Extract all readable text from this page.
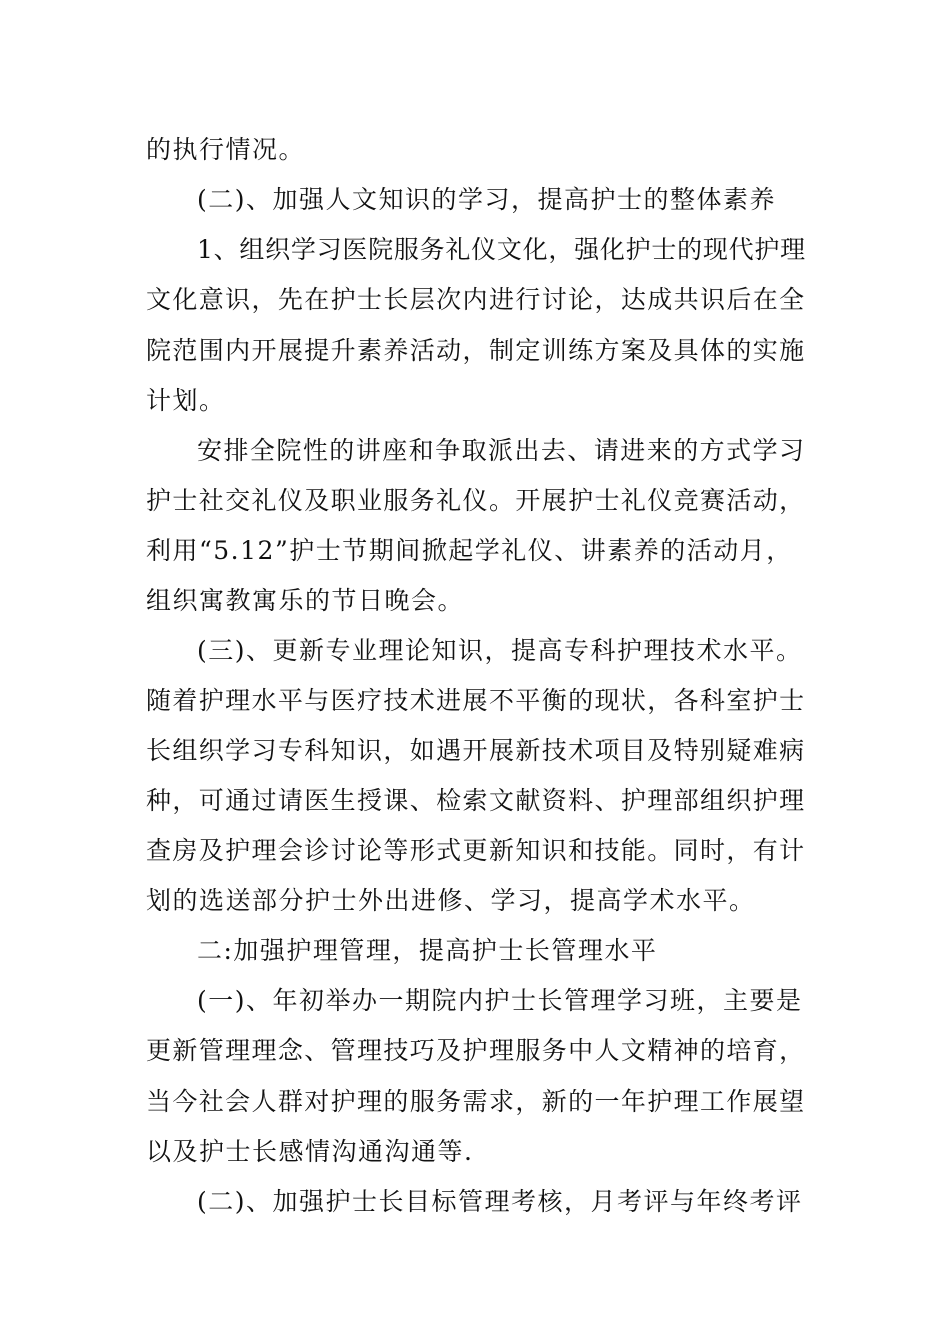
的执行情况。
(二)、加强人文知识的学习，提高护士的整体素养
1、组织学习医院服务礼仪文化，强化护士的现代护理
文化意识，先在护士长层次内进行讨论，达成共识后在全
院范围内开展提升素养活动，制定训练方案及具体的实施
计划。
安排全院性的讲座和争取派出去、请进来的方式学习
护士社交礼仪及职业服务礼仪。开展护士礼仪竞赛活动，
利用“5.12”护士节期间掀起学礼仪、讲素养的活动月，
组织寓教寓乐的节日晚会。
(三)、更新专业理论知识，提高专科护理技术水平。
随着护理水平与医疗技术进展不平衡的现状，各科室护士
长组织学习专科知识，如遇开展新技术项目及特别疑难病
种，可通过请医生授课、检索文献资料、护理部组织护理
查房及护理会诊讨论等形式更新知识和技能。同时，有计
划的选送部分护士外出进修、学习，提高学术水平。
二:加强护理管理，提高护士长管理水平
(一)、年初举办一期院内护士长管理学习班，主要是
更新管理理念、管理技巧及护理服务中人文精神的培育，
当今社会人群对护理的服务需求，新的一年护理工作展望
以及护士长感情沟通沟通等.
(二)、加强护士长目标管理考核，月考评与年终考评
